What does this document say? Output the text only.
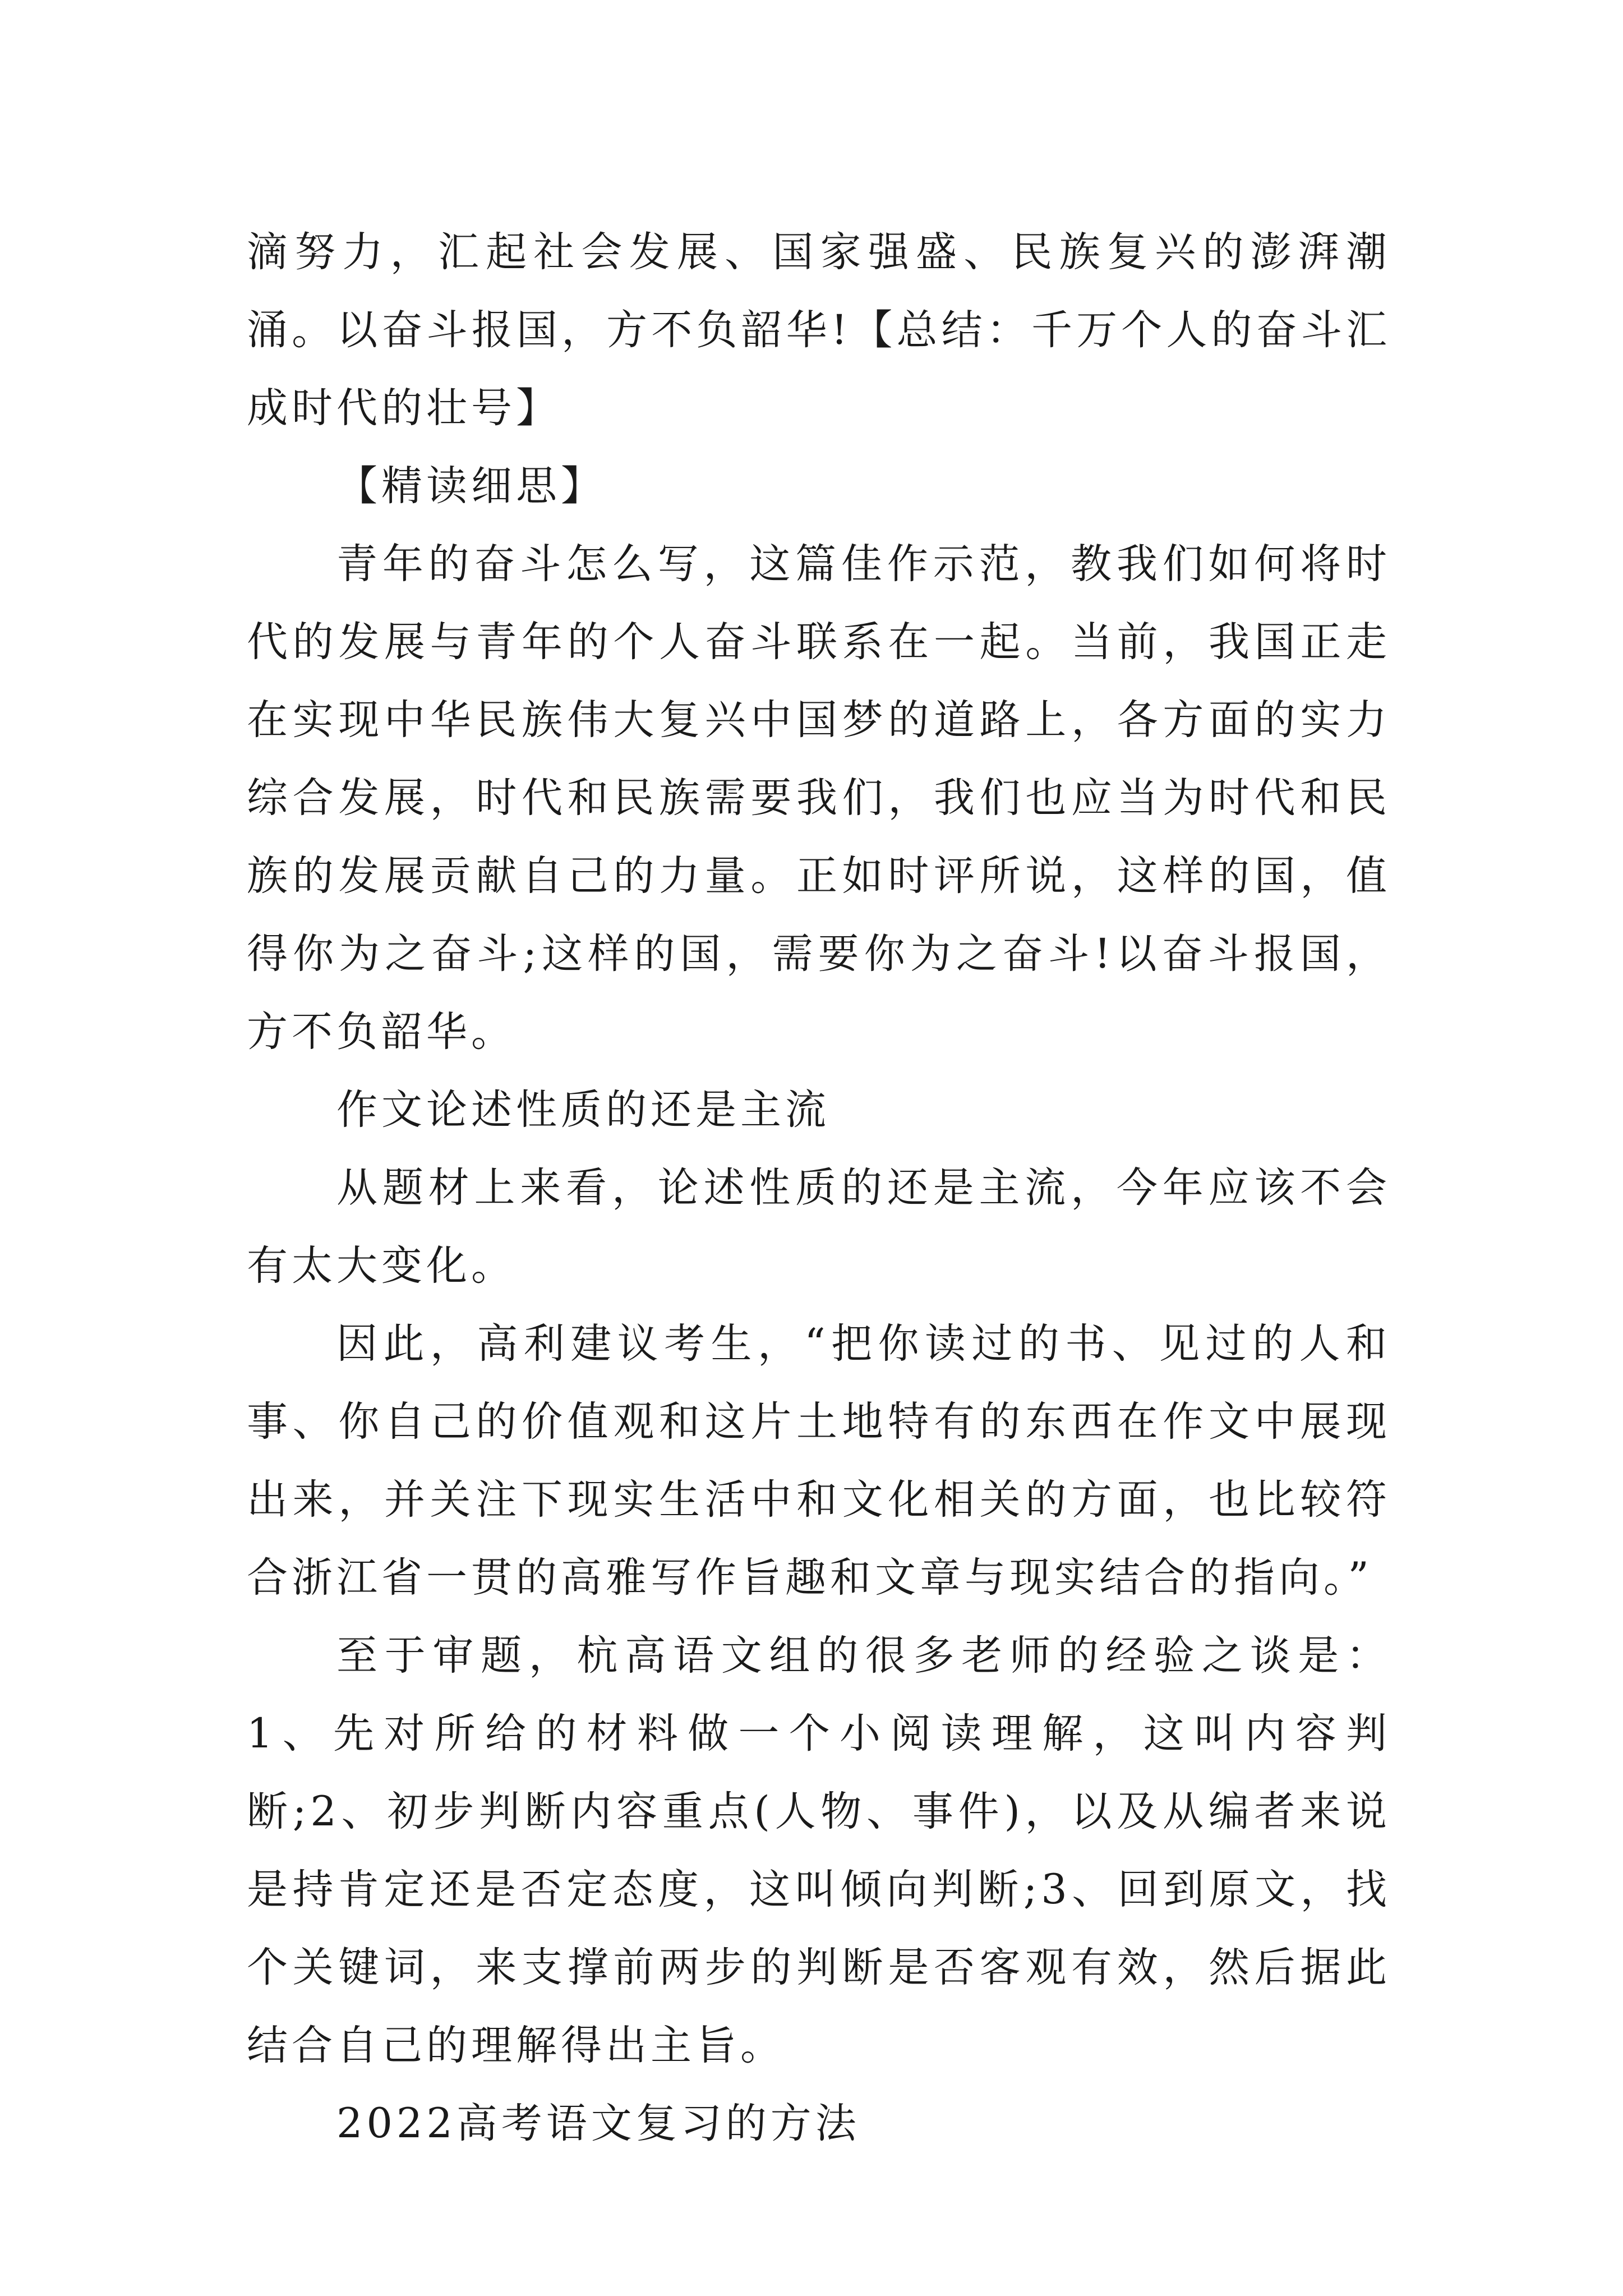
滴努力，汇起社会发展、国家强盛、民族复兴的澎湃潮涌。以奋斗报国，方不负韶华!【总结：千万个人的奋斗汇成时代的壮号】

【精读细思】

青年的奋斗怎么写，这篇佳作示范，教我们如何将时代的发展与青年的个人奋斗联系在一起。当前，我国正走在实现中华民族伟大复兴中国梦的道路上，各方面的实力综合发展，时代和民族需要我们，我们也应当为时代和民族的发展贡献自己的力量。正如时评所说，这样的国，值得你为之奋斗;这样的国，需要你为之奋斗!以奋斗报国，方不负韶华。

作文论述性质的还是主流

从题材上来看，论述性质的还是主流，今年应该不会有太大变化。

因此，高利建议考生，“把你读过的书、见过的人和事、你自己的价值观和这片土地特有的东西在作文中展现出来，并关注下现实生活中和文化相关的方面，也比较符合浙江省一贯的高雅写作旨趣和文章与现实结合的指向。”

至于审题，杭高语文组的很多老师的经验之谈是：1、先对所给的材料做一个小阅读理解，这叫内容判断;2、初步判断内容重点(人物、事件)，以及从编者来说是持肯定还是否定态度，这叫倾向判断;3、回到原文，找个关键词，来支撑前两步的判断是否客观有效，然后据此结合自己的理解得出主旨。

2022高考语文复习的方法
